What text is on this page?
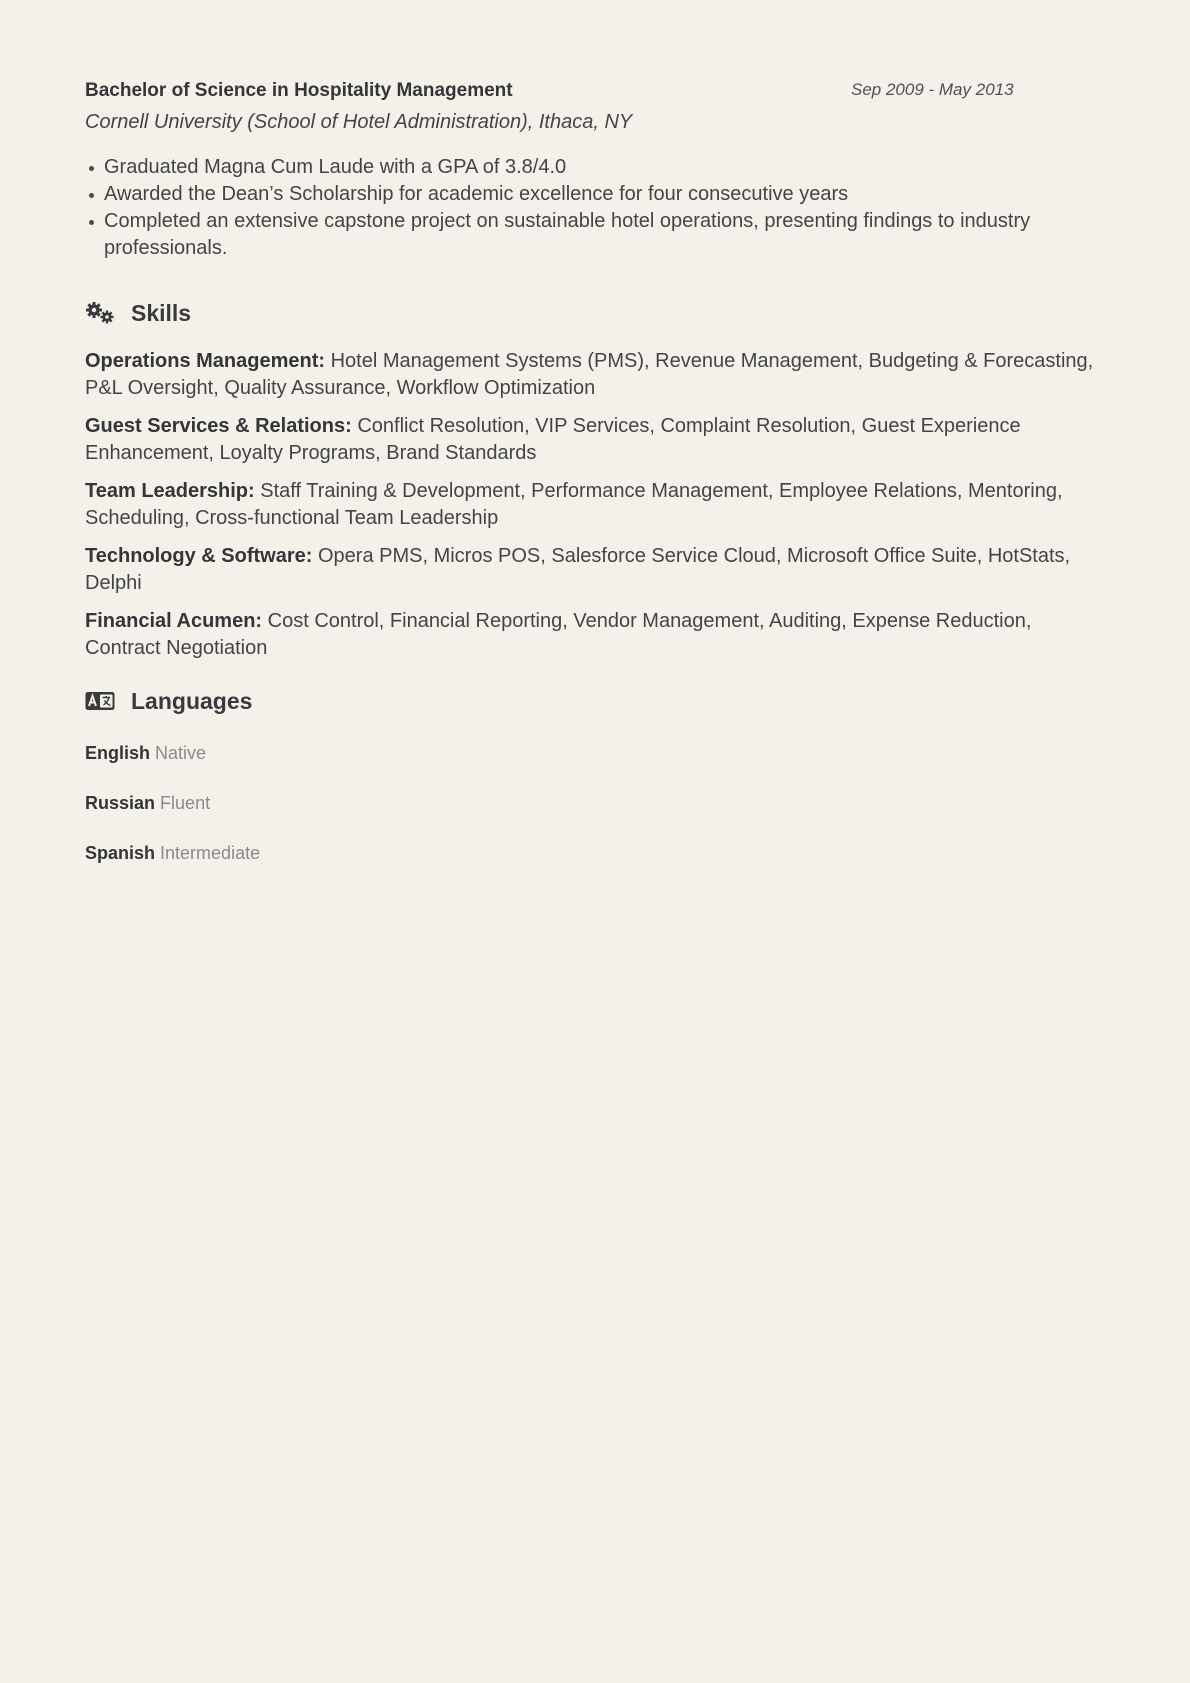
Bachelor of Science in Hospitality Management	Sep 2009 - May 2013
Cornell University (School of Hotel Administration), Ithaca, NY
Graduated Magna Cum Laude with a GPA of 3.8/4.0
Awarded the Dean’s Scholarship for academic excellence for four consecutive years
Completed an extensive capstone project on sustainable hotel operations, presenting findings to industry professionals.
Skills
Operations Management: Hotel Management Systems (PMS), Revenue Management, Budgeting & Forecasting, P&L Oversight, Quality Assurance, Workflow Optimization
Guest Services & Relations: Conflict Resolution, VIP Services, Complaint Resolution, Guest Experience Enhancement, Loyalty Programs, Brand Standards
Team Leadership: Staff Training & Development, Performance Management, Employee Relations, Mentoring, Scheduling, Cross-functional Team Leadership
Technology & Software: Opera PMS, Micros POS, Salesforce Service Cloud, Microsoft Office Suite, HotStats, Delphi
Financial Acumen: Cost Control, Financial Reporting, Vendor Management, Auditing, Expense Reduction, Contract Negotiation
Languages
English Native
Russian Fluent
Spanish Intermediate
